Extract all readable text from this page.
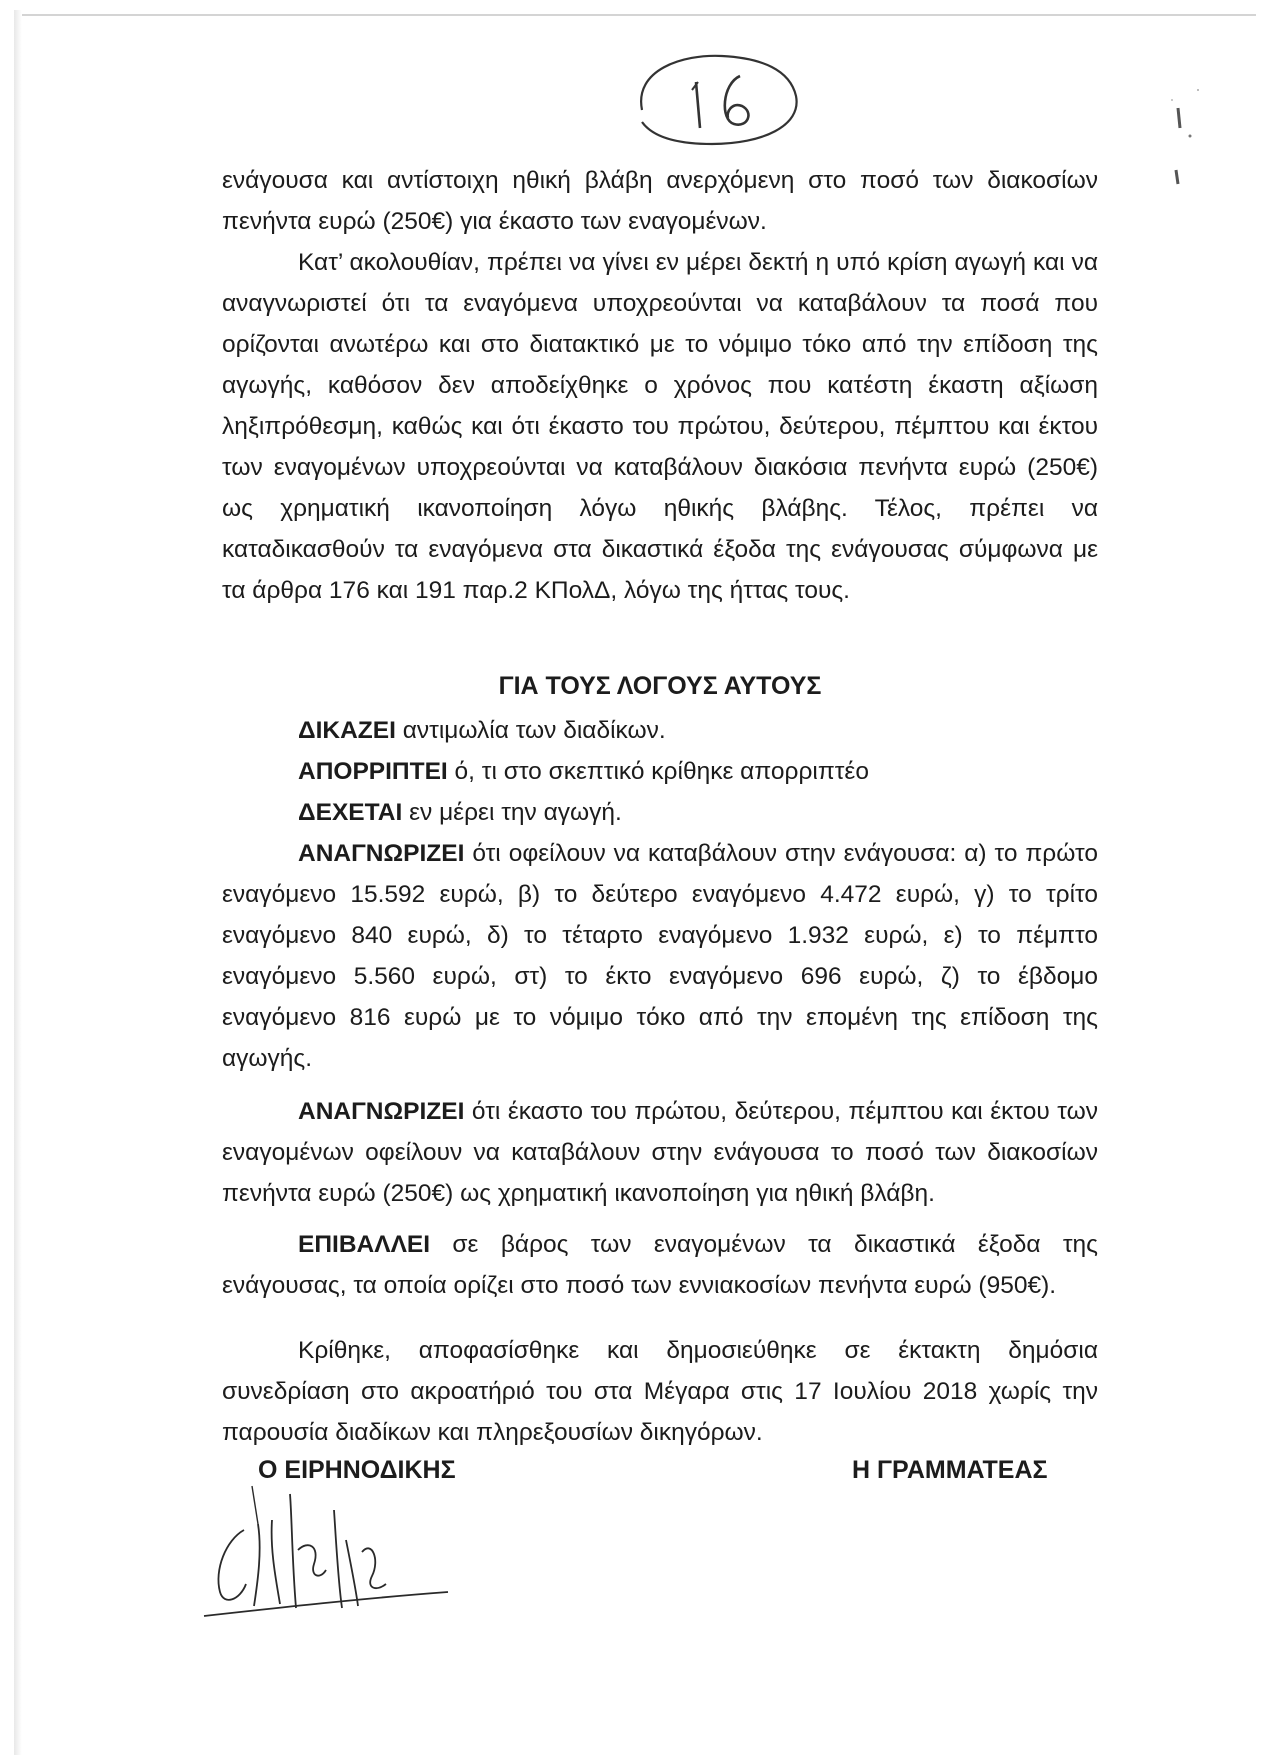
ενάγουσα και αντίστοιχη ηθική βλάβη ανερχόμενη στο ποσό των διακοσίων πενήντα ευρώ (250€) για έκαστο των εναγομένων.

Κατ’ ακολουθίαν, πρέπει να γίνει εν μέρει δεκτή η υπό κρίση αγωγή και να αναγνωριστεί ότι τα εναγόμενα υποχρεούνται να καταβάλουν τα ποσά που ορίζονται ανωτέρω και στο διατακτικό με το νόμιμο τόκο από την επίδοση της αγωγής, καθόσον δεν αποδείχθηκε ο χρόνος που κατέστη έκαστη αξίωση ληξιπρόθεσμη, καθώς και ότι έκαστο του πρώτου, δεύτερου, πέμπτου και έκτου των εναγομένων υποχρεούνται να καταβάλουν διακόσια πενήντα ευρώ (250€) ως χρηματική ικανοποίηση λόγω ηθικής βλάβης. Τέλος, πρέπει να καταδικασθούν τα εναγόμενα στα δικαστικά έξοδα της ενάγουσας σύμφωνα με τα άρθρα 176 και 191 παρ.2 ΚΠολΔ, λόγω της ήττας τους.

ΓΙΑ ΤΟΥΣ ΛΟΓΟΥΣ ΑΥΤΟΥΣ

ΔΙΚΑΖΕΙ αντιμωλία των διαδίκων.

ΑΠΟΡΡΙΠΤΕΙ ό, τι στο σκεπτικό κρίθηκε απορριπτέο

ΔΕΧΕΤΑΙ εν μέρει την αγωγή.

ΑΝΑΓΝΩΡΙΖΕΙ ότι οφείλουν να καταβάλουν στην ενάγουσα: α) το πρώτο εναγόμενο 15.592 ευρώ, β) το δεύτερο εναγόμενο 4.472 ευρώ, γ) το τρίτο εναγόμενο 840 ευρώ, δ) το τέταρτο εναγόμενο 1.932 ευρώ, ε) το πέμπτο εναγόμενο 5.560 ευρώ, στ) το έκτο εναγόμενο 696 ευρώ, ζ) το έβδομο εναγόμενο 816 ευρώ με το νόμιμο τόκο από την επομένη της επίδοση της αγωγής.

ΑΝΑΓΝΩΡΙΖΕΙ ότι έκαστο του πρώτου, δεύτερου, πέμπτου και έκτου των εναγομένων οφείλουν να καταβάλουν στην ενάγουσα το ποσό των διακοσίων πενήντα ευρώ (250€) ως χρηματική ικανοποίηση για ηθική βλάβη.

ΕΠΙΒΑΛΛΕΙ σε βάρος των εναγομένων τα δικαστικά έξοδα της ενάγουσας, τα οποία ορίζει στο ποσό των εννιακοσίων πενήντα ευρώ (950€).

Κρίθηκε, αποφασίσθηκε και δημοσιεύθηκε σε έκτακτη δημόσια συνεδρίαση στο ακροατήριό του στα Μέγαρα στις 17 Ιουλίου 2018 χωρίς την παρουσία διαδίκων και πληρεξουσίων δικηγόρων.

Ο ΕΙΡΗΝΟΔΙΚΗΣ	Η ΓΡΑΜΜΑΤΕΑΣ
